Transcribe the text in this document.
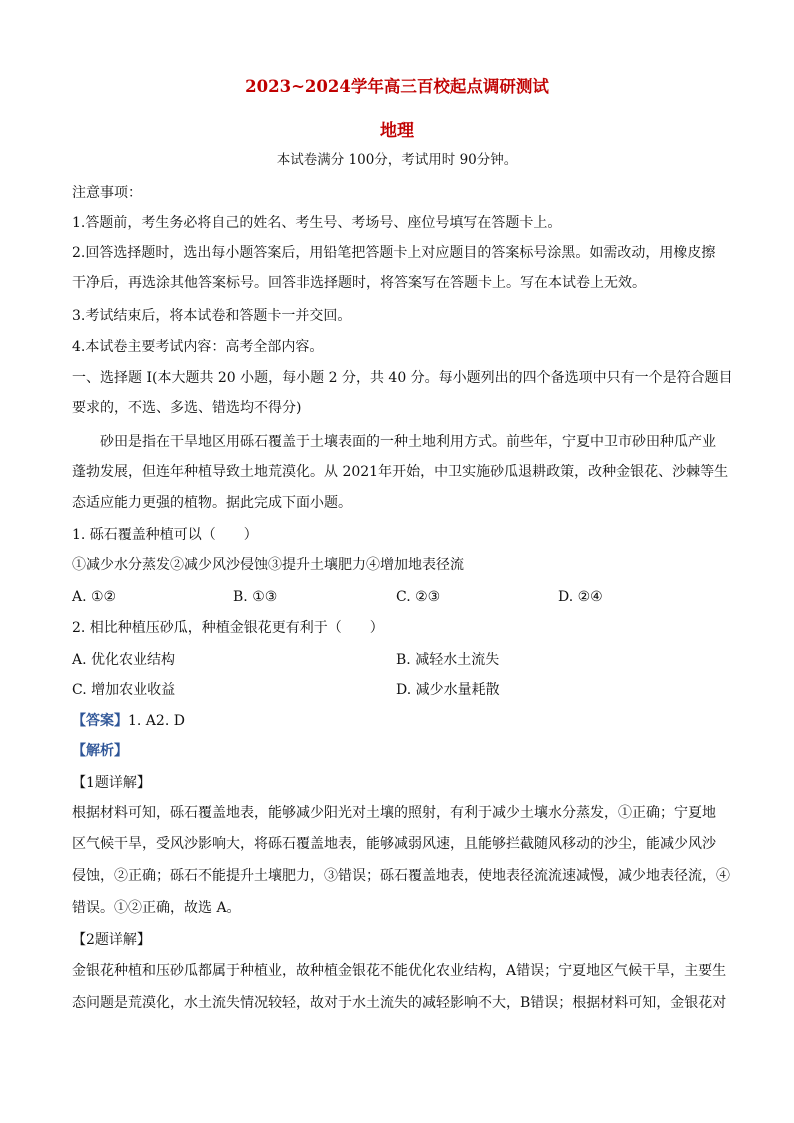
2023~2024学年高三百校起点调研测试
地理
本试卷满分 100分，考试用时 90分钟。
注意事项：
1.答题前，考生务必将自己的姓名、考生号、考场号、座位号填写在答题卡上。
2.回答选择题时，选出每小题答案后，用铅笔把答题卡上对应题目的答案标号涂黑。如需改动，用橡皮擦
干净后，再选涂其他答案标号。回答非选择题时，将答案写在答题卡上。写在本试卷上无效。
3.考试结束后，将本试卷和答题卡一并交回。
4.本试卷主要考试内容：高考全部内容。
一、选择题 I(本大题共 20 小题，每小题 2 分，共 40 分。每小题列出的四个备选项中只有一个是符合题目
要求的，不选、多选、错选均不得分)
砂田是指在干旱地区用砾石覆盖于土壤表面的一种土地利用方式。前些年，宁夏中卫市砂田种瓜产业
蓬勃发展，但连年种植导致土地荒漠化。从 2021年开始，中卫实施砂瓜退耕政策，改种金银花、沙棘等生
态适应能力更强的植物。据此完成下面小题。
1. 砾石覆盖种植可以（　　）
①减少水分蒸发②减少风沙侵蚀③提升土壤肥力④增加地表径流
A. ①②	B. ①③	C. ②③	D. ②④
2. 相比种植压砂瓜，种植金银花更有利于（　　）
A. 优化农业结构	B. 减轻水土流失
C. 增加农业收益	D. 减少水量耗散
【答案】1. A2. D
【解析】
【1题详解】
根据材料可知，砾石覆盖地表，能够减少阳光对土壤的照射，有利于减少土壤水分蒸发，①正确；宁夏地
区气候干旱，受风沙影响大，将砾石覆盖地表，能够减弱风速，且能够拦截随风移动的沙尘，能减少风沙
侵蚀，②正确；砾石不能提升土壤肥力，③错误；砾石覆盖地表，使地表径流流速减慢，减少地表径流，④
错误。①②正确，故选 A。
【2题详解】
金银花种植和压砂瓜都属于种植业，故种植金银花不能优化农业结构，A错误；宁夏地区气候干旱，主要生
态问题是荒漠化，水土流失情况较轻，故对于水土流失的减轻影响不大，B错误；根据材料可知，金银花对
